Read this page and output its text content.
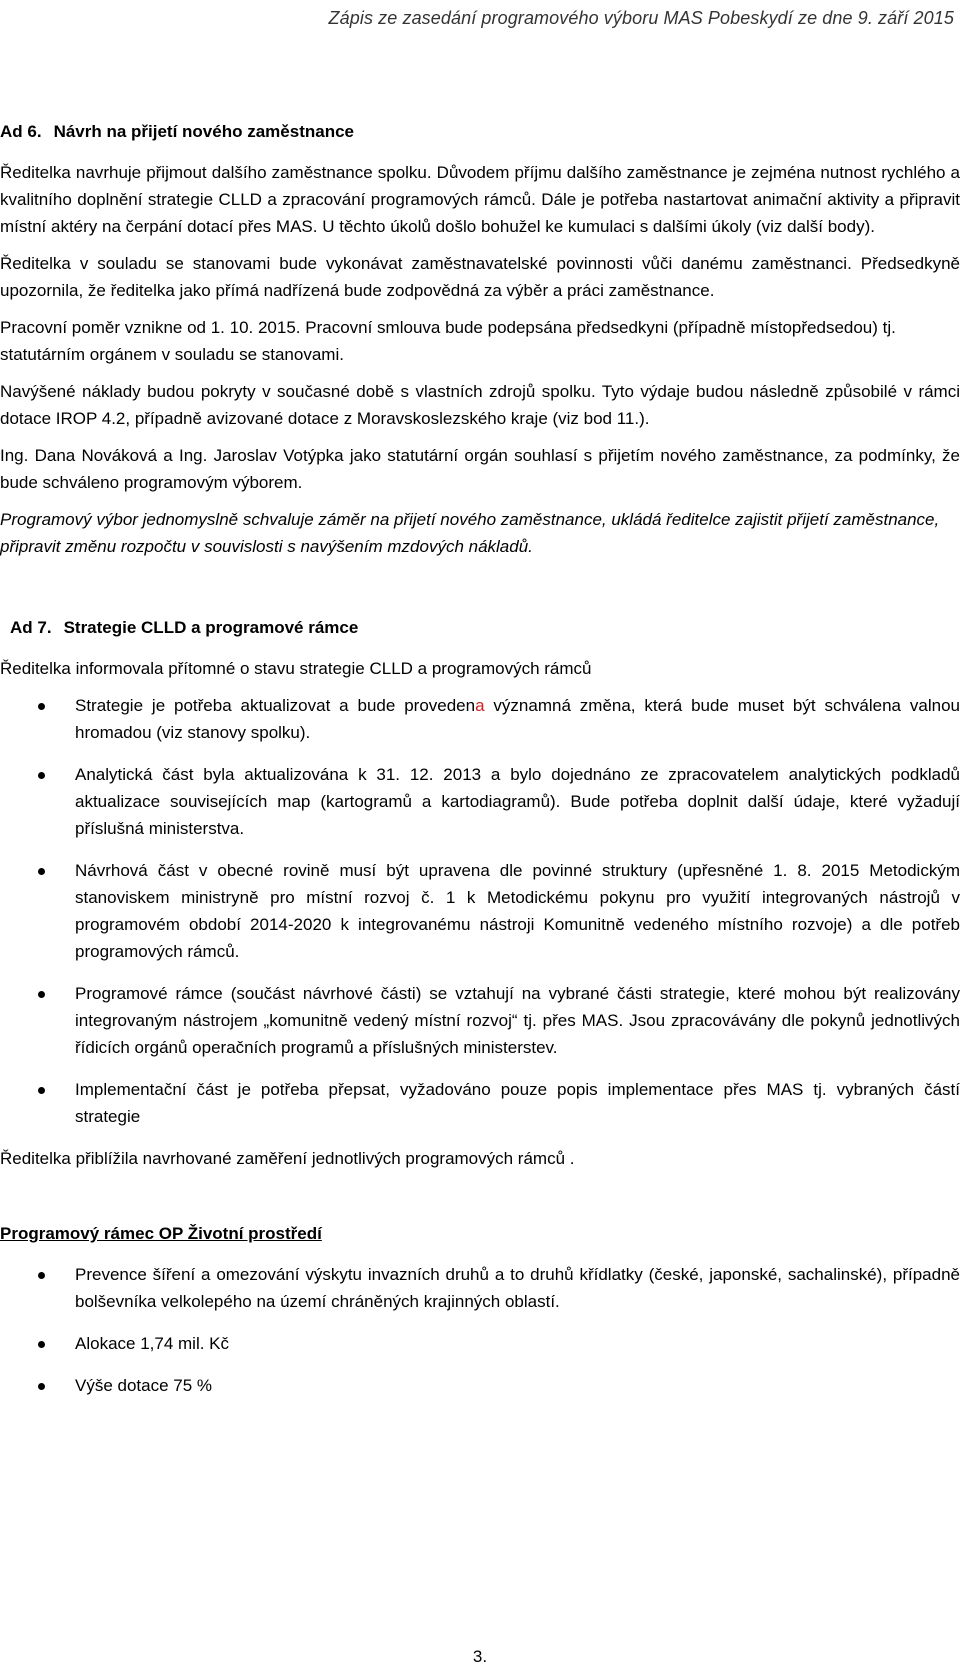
Zápis ze zasedání programového výboru MAS Pobeskydí ze dne 9. září 2015
Ad 6. Návrh na přijetí nového zaměstnance

Ředitelka navrhuje přijmout dalšího zaměstnance spolku. Důvodem příjmu dalšího zaměstnance je zejména nutnost rychlého a kvalitního doplnění strategie CLLD a zpracování programových rámců. Dále je potřeba nastartovat animační aktivity a připravit místní aktéry na čerpání dotací přes MAS. U těchto úkolů došlo bohužel ke kumulaci s dalšími úkoly (viz další body).

Ředitelka v souladu se stanovami bude vykonávat zaměstnavatelské povinnosti vůči danému zaměstnanci. Předsedkyně upozornila, že ředitelka jako přímá nadřízená bude zodpovědná za výběr a práci zaměstnance.

Pracovní poměr vznikne od 1. 10. 2015. Pracovní smlouva bude podepsána předsedkyni (případně místopředsedou) tj. statutárním orgánem v souladu se stanovami.

Navýšené náklady budou pokryty v současné době s vlastních zdrojů spolku. Tyto výdaje budou následně způsobilé v rámci dotace IROP 4.2, případně avizované dotace z Moravskoslezského kraje (viz bod 11.).

Ing. Dana Nováková a Ing. Jaroslav Votýpka jako statutární orgán souhlasí s přijetím nového zaměstnance, za podmínky, že bude schváleno programovým výborem.

Programový výbor jednomyslně schvaluje záměr na přijetí nového zaměstnance, ukládá ředitelce zajistit přijetí zaměstnance, připravit změnu rozpočtu v souvislosti s navýšením mzdových nákladů.

Ad 7. Strategie CLLD a programové rámce

Ředitelka informovala přítomné o stavu strategie CLLD a programových rámců

Strategie je potřeba aktualizovat a bude provedena významná změna, která bude muset být schválena valnou hromadou (viz stanovy spolku).
Analytická část byla aktualizována k 31. 12. 2013 a bylo dojednáno ze zpracovatelem analytických podkladů aktualizace souvisejících map (kartogramů a kartodiagramů). Bude potřeba doplnit další údaje, které vyžadují příslušná ministerstva.
Návrhová část v obecné rovině musí být upravena dle povinné struktury (upřesněné 1. 8. 2015 Metodickým stanoviskem ministryně pro místní rozvoj č. 1 k Metodickému pokynu pro využití integrovaných nástrojů v programovém období 2014-2020 k integrovanému nástroji Komunitně vedeného místního rozvoje) a dle potřeb programových rámců.
Programové rámce (součást návrhové části) se vztahují na vybrané části strategie, které mohou být realizovány integrovaným nástrojem „komunitně vedený místní rozvoj“ tj. přes MAS. Jsou zpracovávány dle pokynů jednotlivých řídicích orgánů operačních programů a příslušných ministerstev.
Implementační část je potřeba přepsat, vyžadováno pouze popis implementace přes MAS tj. vybraných částí strategie

Ředitelka přiblížila navrhované zaměření jednotlivých programových rámců .

Programový rámec OP Životní prostředí
Prevence šíření a omezování výskytu invazních druhů a to druhů křídlatky (české, japonské, sachalinské), případně bolševníka velkolepého na území chráněných krajinných oblastí.
Alokace 1,74 mil. Kč
Výše dotace 75 %
3.
